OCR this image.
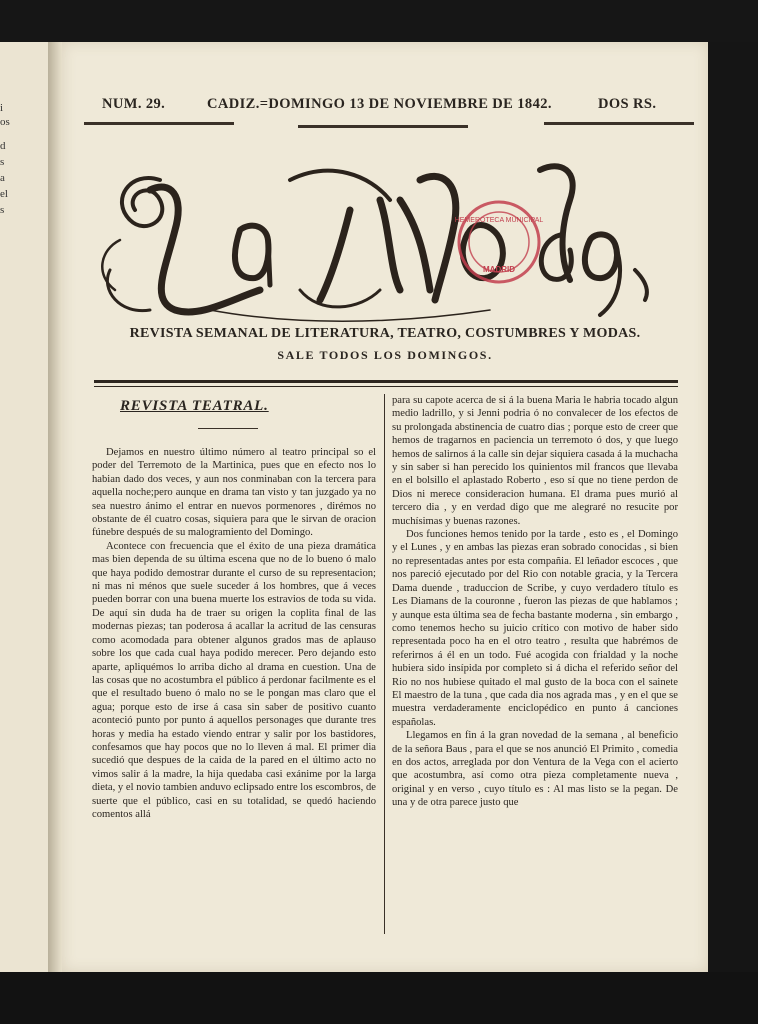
i
os
d
s
a
el
s
NUM. 29.	CADIZ.=DOMINGO 13 DE NOVIEMBRE DE 1842.	DOS RS.
HEMEROTECA MUNICIPAL
MADRID
REVISTA SEMANAL DE LITERATURA, TEATRO, COSTUMBRES Y MODAS.
SALE TODOS LOS DOMINGOS.
REVISTA TEATRAL.

Dejamos en nuestro último número al teatro principal so el poder del Terremoto de la Martinica, pues que en efecto nos lo habian dado dos veces, y aun nos conminaban con la tercera para aquella noche;pero aunque en drama tan visto y tan juzgado ya no sea nuestro ánimo el entrar en nuevos pormenores , dirémos no obstante de él cuatro cosas, siquiera para que le sirvan de oracion fúnebre después de su malogramiento del Domingo.

Acontece con frecuencia que el éxito de una pieza dramática mas bien dependa de su última escena que no de lo bueno ó malo que haya podido demostrar durante el curso de su representacion; ni mas ni ménos que suele suceder á los hombres, que á veces pueden borrar con una buena muerte los estravios de toda su vida. De aquí sin duda ha de traer su origen la coplita final de las modernas piezas; tan poderosa á acallar la acritud de las censuras como acomodada para obtener algunos grados mas de aplauso sobre los que cada cual haya podido merecer. Pero dejando esto aparte, apliquémos lo arriba dicho al drama en cuestion. Una de las cosas que no acostumbra el público á perdonar facilmente es el que el resultado bueno ó malo no se le pongan mas claro que el agua; porque esto de irse á casa sin saber de positivo cuanto aconteció punto por punto á aquellos personages que durante tres horas y media ha estado viendo entrar y salir por los bastidores, confesamos que hay pocos que no lo lleven á mal. El primer dia sucedió que despues de la caida de la pared en el último acto no vimos salir á la madre, la hija quedaba casi exánime por la larga dieta, y el novio tambien anduvo eclipsado entre los escombros, de suerte que el público, casi en su totalidad, se quedó haciendo comentos allá

para su capote acerca de si á la buena Maria le habria tocado algun medio ladrillo, y si Jenni podria ó no convalecer de los efectos de su prolongada abstinencia de cuatro dias ; porque esto de creer que hemos de tragarnos en paciencia un terremoto ó dos, y que luego hemos de salirnos á la calle sin dejar siquiera casada á la muchacha y sin saber si han perecido los quinientos mil francos que llevaba en el bolsillo el aplastado Roberto , eso sí que no tiene perdon de Dios ni merece consideracion humana. El drama pues murió al tercero dia , y en verdad digo que me alegraré no resucite por muchísimas y buenas razones.

Dos funciones hemos tenido por la tarde , esto es , el Domingo y el Lunes , y en ambas las piezas eran sobrado conocidas , si bien no representadas antes por esta compañia. El leñador escoces , que nos pareció ejecutado por del Rio con notable gracia, y la Tercera Dama duende , traduccion de Scribe, y cuyo verdadero título es Les Diamans de la couronne , fueron las piezas de que hablamos ; y aunque esta última sea de fecha bastante moderna , sin embargo , como tenemos hecho su juicio crítico con motivo de haber sido representada poco ha en el otro teatro , resulta que habrémos de referirnos á él en un todo. Fué acogida con frialdad y la noche hubiera sido insípida por completo si á dicha el referido señor del Rio no nos hubiese quitado el mal gusto de la boca con el sainete El maestro de la tuna , que cada dia nos agrada mas , y en el que se muestra verdaderamente enciclopédico en punto á canciones españolas.

Llegamos en fin á la gran novedad de la semana , al beneficio de la señora Baus , para el que se nos anunció El Primito , comedia en dos actos, arreglada por don Ventura de la Vega con el acierto que acostumbra, así como otra pieza completamente nueva , original y en verso , cuyo título es : Al mas listo se la pegan. De una y de otra parece justo que
